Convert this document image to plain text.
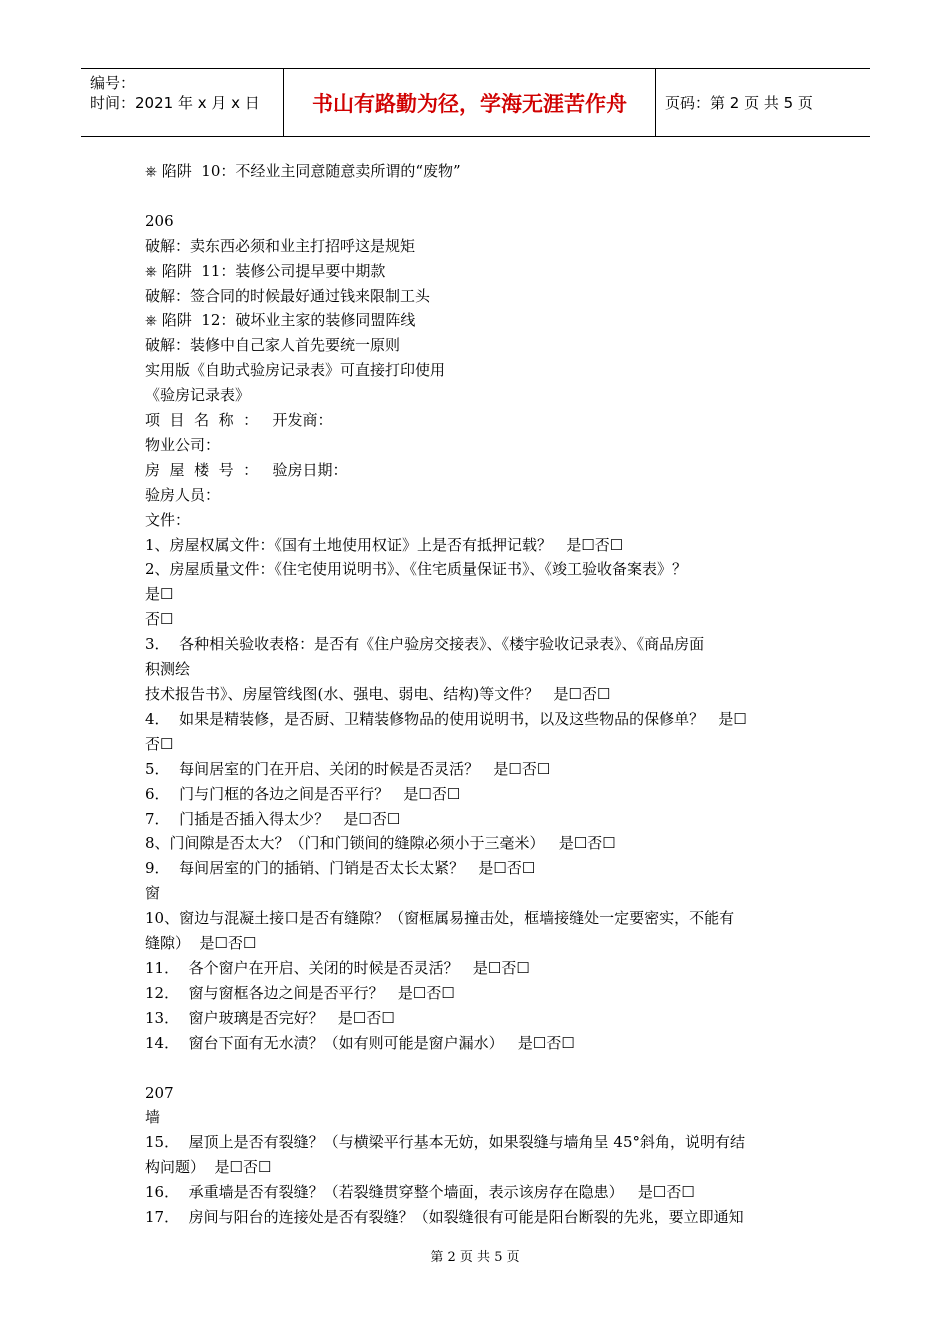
编号：
时间：2021 年 x 月 x 日	书山有路勤为径，学海无涯苦作舟	页码：第 2 页 共 5 页
⎈ 陷阱  10：不经业主同意随意卖所谓的“废物”
206
破解：卖东西必须和业主打招呼这是规矩
⎈ 陷阱  11：装修公司提早要中期款
破解：签合同的时候最好通过钱来限制工头
⎈ 陷阱  12：破坏业主家的装修同盟阵线
破解：装修中自己家人首先要统一原则
实用版《自助式验房记录表》可直接打印使用
《验房记录表》
项  目  名  称  ：   开发商：
物业公司：
房  屋  楼  号  ：   验房日期：
验房人员：
文件：
1、房屋权属文件：《国有土地使用权证》上是否有抵押记载？   是☐否☐
2、房屋质量文件：《住宅使用说明书》、《住宅质量保证书》、《竣工验收备案表》？
是☐
否☐
3．  各种相关验收表格：是否有《住户验房交接表》、《楼宇验收记录表》、《商品房面
积测绘
技术报告书》、房屋管线图(水、强电、弱电、结构)等文件？   是☐否☐
4．  如果是精装修，是否厨、卫精装修物品的使用说明书，以及这些物品的保修单？   是☐
否☐
5．  每间居室的门在开启、关闭的时候是否灵活？   是☐否☐
6．  门与门框的各边之间是否平行？   是☐否☐
7．  门插是否插入得太少？   是☐否☐
8、门间隙是否太大？（门和门锁间的缝隙必须小于三毫米）   是☐否☐
9．  每间居室的门的插销、门销是否太长太紧？   是☐否☐
窗
10、窗边与混凝土接口是否有缝隙？（窗框属易撞击处，框墙接缝处一定要密实，不能有
缝隙）  是☐否☐
11．  各个窗户在开启、关闭的时候是否灵活？   是☐否☐
12．  窗与窗框各边之间是否平行？   是☐否☐
13．  窗户玻璃是否完好？   是☐否☐
14．  窗台下面有无水渍？（如有则可能是窗户漏水）   是☐否☐
207
墙
15．  屋顶上是否有裂缝？（与横梁平行基本无妨，如果裂缝与墙角呈 45°斜角，说明有结
构问题）  是☐否☐
16．  承重墙是否有裂缝？（若裂缝贯穿整个墙面，表示该房存在隐患）   是☐否☐
17．  房间与阳台的连接处是否有裂缝？（如裂缝很有可能是阳台断裂的先兆，要立即通知
第 2 页 共 5 页
